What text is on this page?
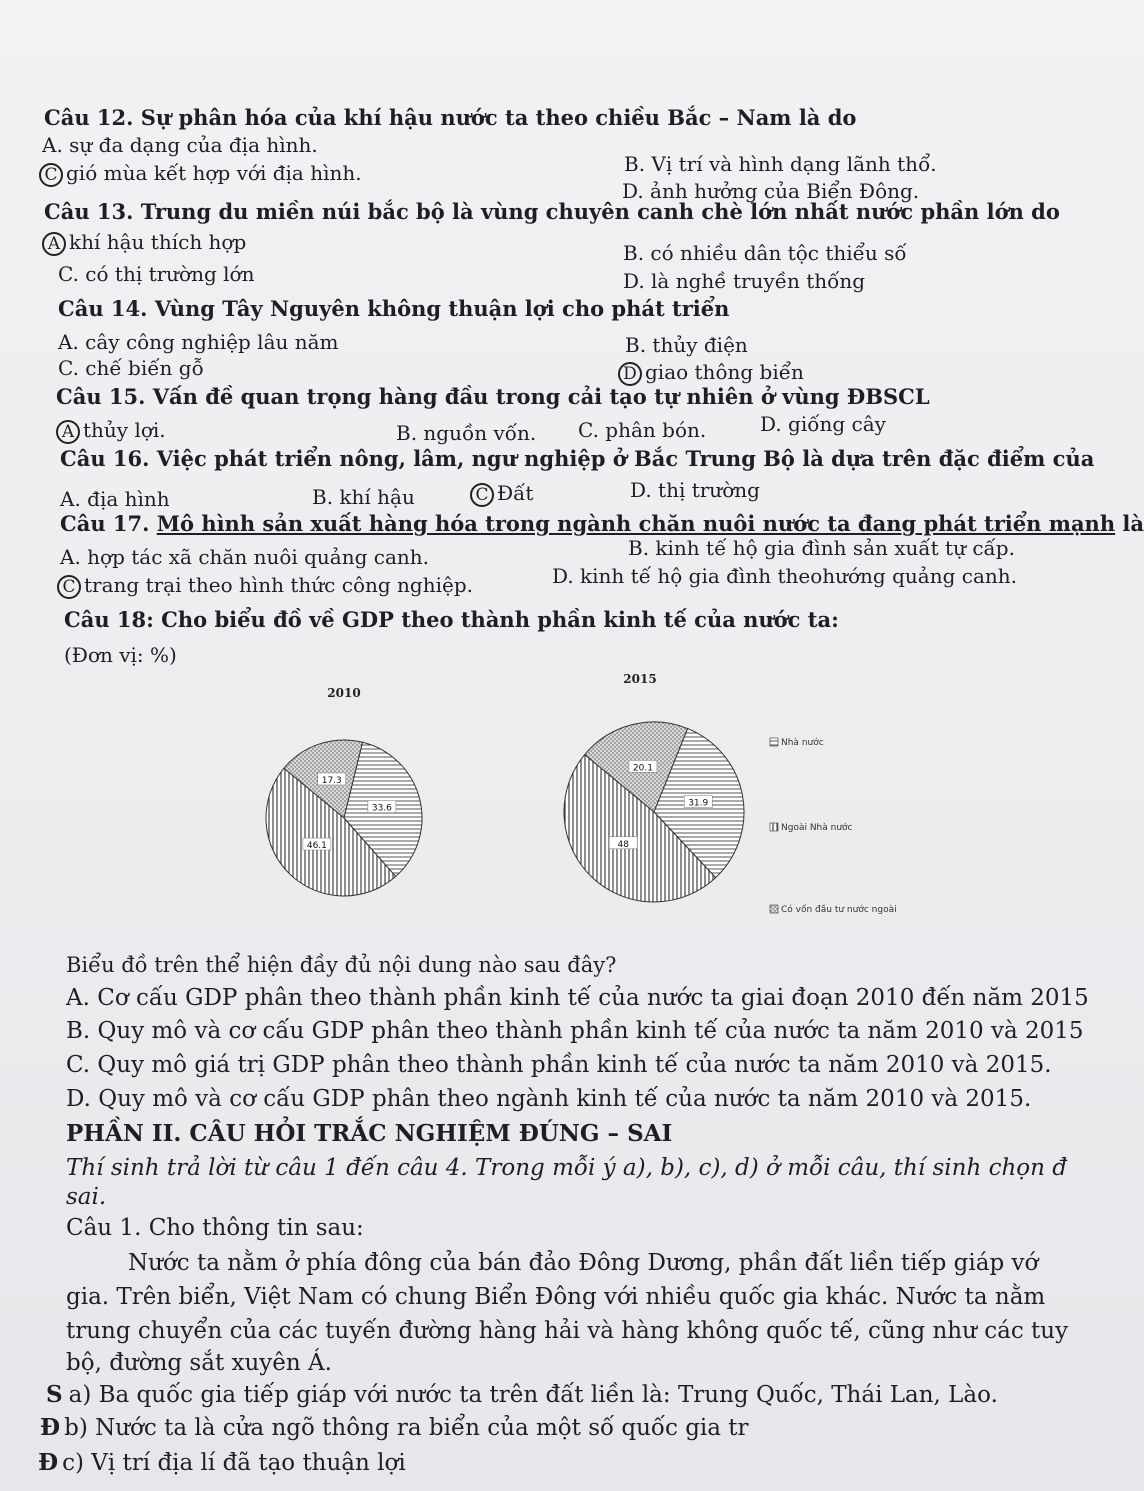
Câu 12. Sự phân hóa của khí hậu nước ta theo chiều Bắc – Nam là do
A. sự đa dạng của địa hình.
B. Vị trí và hình dạng lãnh thổ.
C gió mùa kết hợp với địa hình.
D. ảnh hưởng của Biển Đông.
Câu 13. Trung du miền núi bắc bộ là vùng chuyên canh chè lớn nhất nước phần lớn do
A khí hậu thích hợp	B. có nhiều dân tộc thiểu số
C. có thị trường lớn	D. là nghề truyền thống
Câu 14. Vùng Tây Nguyên không thuận lợi cho phát triển
A. cây công nghiệp lâu năm	B. thủy điện
C. chế biến gỗ	D giao thông biển
Câu 15. Vấn đề quan trọng hàng đầu trong cải tạo tự nhiên ở vùng ĐBSCL
A thủy lợi.	B. nguồn vốn. C. phân bón.	D. giống cây
Câu 16. Việc phát triển nông, lâm, ngư nghiệp ở Bắc Trung Bộ là dựa trên đặc điểm của
A. địa hình	B. khí hậu	C Đất	D. thị trường
Câu 17. Mô hình sản xuất hàng hóa trong ngành chăn nuôi nước ta đang phát triển mạnh là
A. hợp tác xã chăn nuôi quảng canh.	B. kinh tế hộ gia đình sản xuất tự cấp.
C trang trại theo hình thức công nghiệp.	D. kinh tế hộ gia đình theohướng quảng canh.
Câu 18: Cho biểu đồ về GDP theo thành phần kinh tế của nước ta:
(Đơn vị: %)
2010
2015
17.3
33.6
46.1
20.1
31.9
48
Nhà nước
Ngoài Nhà nước
Có vốn đầu tư nước ngoài
Biểu đồ trên thể hiện đầy đủ nội dung nào sau đây?
A. Cơ cấu GDP phân theo thành phần kinh tế của nước ta giai đoạn 2010 đến năm 2015
B. Quy mô và cơ cấu GDP phân theo thành phần kinh tế của nước ta năm 2010 và 2015
C. Quy mô giá trị GDP phân theo thành phần kinh tế của nước ta năm 2010 và 2015.
D. Quy mô và cơ cấu GDP phân theo ngành kinh tế của nước ta năm 2010 và 2015.
PHẦN II. CÂU HỎI TRẮC NGHIỆM ĐÚNG – SAI
Thí sinh trả lời từ câu 1 đến câu 4. Trong mỗi ý a), b), c), d) ở mỗi câu, thí sinh chọn đ
sai.
Câu 1. Cho thông tin sau:
Nước ta nằm ở phía đông của bán đảo Đông Dương, phần đất liền tiếp giáp vớ
gia. Trên biển, Việt Nam có chung Biển Đông với nhiều quốc gia khác. Nước ta nằm
trung chuyển của các tuyến đường hàng hải và hàng không quốc tế, cũng như các tuy
bộ, đường sắt xuyên Á.
S a) Ba quốc gia tiếp giáp với nước ta trên đất liền là: Trung Quốc, Thái Lan, Lào.
Đ b) Nước ta là cửa ngõ thông ra biển của một số quốc gia tr
Đ c) Vị trí địa lí đã tạo thuận lợi
